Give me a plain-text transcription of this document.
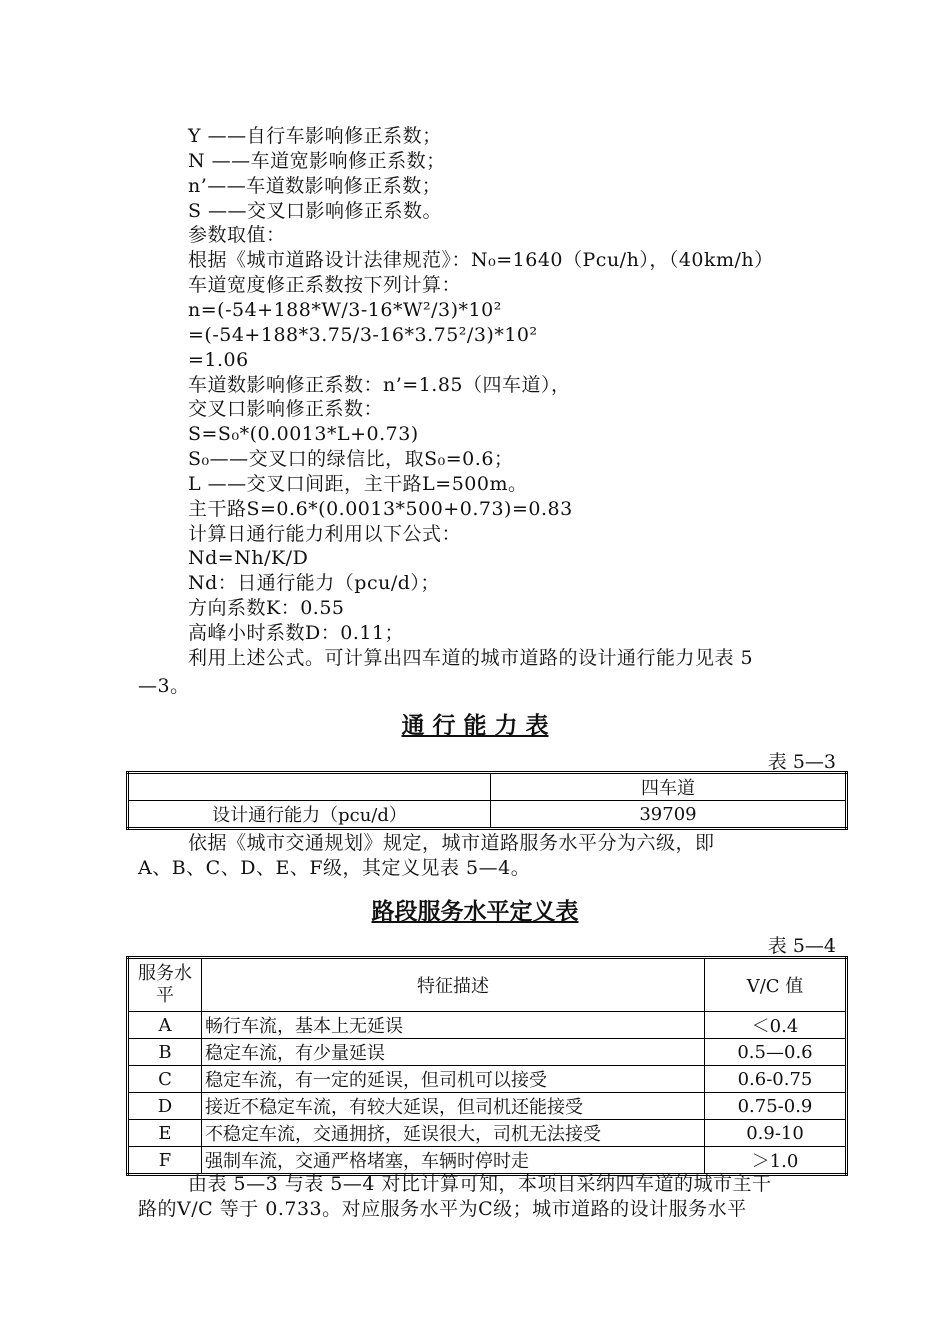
Y ——自行车影响修正系数；
N ——车道宽影响修正系数；
n’——车道数影响修正系数；
S ——交叉口影响修正系数。
参数取值：
根据《城市道路设计法律规范》：N₀=1640（Pcu/h），（40km/h）
车道宽度修正系数按下列计算：
n=(-54+188*W/3-16*W²/3)*10²
=(-54+188*3.75/3-16*3.75²/3)*10²
=1.06
车道数影响修正系数：n’=1.85（四车道），
交叉口影响修正系数：
S=S₀*(0.0013*L+0.73)
S₀——交叉口的绿信比，取S₀=0.6；
L ——交叉口间距，主干路L=500m。
主干路S=0.6*(0.0013*500+0.73)=0.83
计算日通行能力利用以下公式：
Nd=Nh/K/D
Nd：日通行能力（pcu/d）；
方向系数K：0.55
高峰小时系数D：0.11；
利用上述公式。可计算出四车道的城市道路的设计通行能力见表 5
—3。
通 行 能 力 表
表 5—3
	四车道
设计通行能力（pcu/d）	39709
依据《城市交通规划》规定，城市道路服务水平分为六级，即
A、B、C、D、E、F级，其定义见表 5—4。
路段服务水平定义表
表 5—4
服务水平	特征描述	V/C 值
A	畅行车流，基本上无延误	＜0.4
B	稳定车流，有少量延误	0.5—0.6
C	稳定车流，有一定的延误，但司机可以接受	0.6-0.75
D	接近不稳定车流，有较大延误，但司机还能接受	0.75-0.9
E	不稳定车流，交通拥挤，延误很大，司机无法接受	0.9-10
F	强制车流，交通严格堵塞，车辆时停时走	＞1.0
由表 5—3 与表 5—4 对比计算可知，本项目采纳四车道的城市主干
路的V/C 等于 0.733。对应服务水平为C级；城市道路的设计服务水平
